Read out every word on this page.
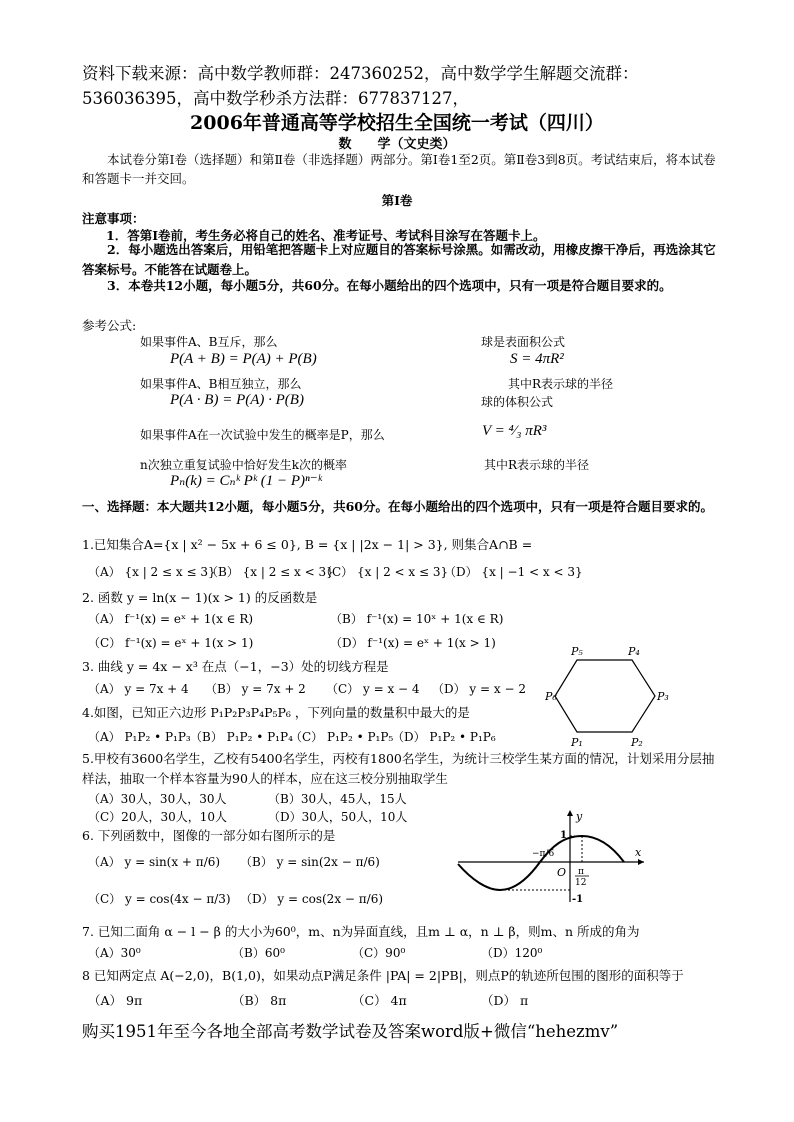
资料下载来源：高中数学教师群：247360252，高中数学学生解题交流群：
536036395，高中数学秒杀方法群：677837127，
2006年普通高等学校招生全国统一考试（四川）
数　　学（文史类）
本试卷分第Ⅰ卷（选择题）和第Ⅱ卷（非选择题）两部分。第Ⅰ卷1至2页。第Ⅱ卷3到8页。考试结束后，将本试卷和答题卡一并交回。
第Ⅰ卷
注意事项：
1．答第Ⅰ卷前，考生务必将自己的姓名、准考证号、考试科目涂写在答题卡上。
2．每小题选出答案后，用铅笔把答题卡上对应题目的答案标号涂黑。如需改动，用橡皮擦干净后，再选涂其它答案标号。不能答在试题卷上。
3．本卷共12小题，每小题5分，共60分。在每小题给出的四个选项中，只有一项是符合题目要求的。
参考公式:
如果事件A、B互斥，那么
P(A + B) = P(A) + P(B)
如果事件A、B相互独立，那么
P(A · B) = P(A) · P(B)
如果事件A在一次试验中发生的概率是P，那么
n次独立重复试验中恰好发生k次的概率
Pₙ(k) = Cₙᵏ Pᵏ (1 − P)ⁿ⁻ᵏ
球是表面积公式
S = 4πR²
其中R表示球的半径
球的体积公式
V = ⁴⁄₃ πR³
其中R表示球的半径
一、选择题：本大题共12小题，每小题5分，共60分。在每小题给出的四个选项中，只有一项是符合题目要求的。
1.已知集合A={x | x² − 5x + 6 ≤ 0}, B = {x | |2x − 1| > 3}, 则集合A∩B =
（A） {x | 2 ≤ x ≤ 3}
（B） {x | 2 ≤ x < 3}
（C） {x | 2 < x ≤ 3}
（D） {x | −1 < x < 3}
2. 函数 y = ln(x − 1)(x > 1) 的反函数是
（A） f⁻¹(x) = eˣ + 1(x ∈ R)	（B） f⁻¹(x) = 10ˣ + 1(x ∈ R)
（C） f⁻¹(x) = eˣ + 1(x > 1)	（D） f⁻¹(x) = eˣ + 1(x > 1)
3. 曲线 y = 4x − x³ 在点（−1，−3）处的切线方程是
（A） y = 7x + 4 （B） y = 7x + 2 （C） y = x − 4 （D） y = x − 2
4.如图，已知正六边形 P₁P₂P₃P₄P₅P₆ ，下列向量的数量积中最大的是
（A） P₁P₂ • P₁P₃ （B） P₁P₂ • P₁P₄
（C） P₁P₂ • P₁P₅
（D） P₁P₂ • P₁P₆
P₅	P₄
P₃
P₂
P₁
P₆
5.甲校有3600名学生，乙校有5400名学生，丙校有1800名学生，为统计三校学生某方面的情况，计划采用分层抽样法，抽取一个样本容量为90人的样本，应在这三校分别抽取学生
（A）30人，30人，30人	（B）30人，45人，15人
（C）20人，30人，10人	（D）30人，50人，10人
6. 下列函数中，图像的一部分如右图所示的是
（A） y = sin(x + π/6) （B） y = sin(2x − π/6)
（C） y = cos(4x − π/3) （D） y = cos(2x − π/6)
y
x
1
-1
O
−π/6
π
12
7. 已知二面角 α − l − β 的大小为60⁰，m、n为异面直线，且m ⊥ α，n ⊥ β，则m、n 所成的角为
（A）30⁰	（B）60⁰	（C）90⁰	（D）120⁰
8 已知两定点 A(−2,0)，B(1,0)，如果动点P满足条件 |PA| = 2|PB|，则点P的轨迹所包围的图形的面积等于
（A） 9π	（B） 8π	（C） 4π	（D） π
购买1951年至今各地全部高考数学试卷及答案word版+微信“hehezmv”
